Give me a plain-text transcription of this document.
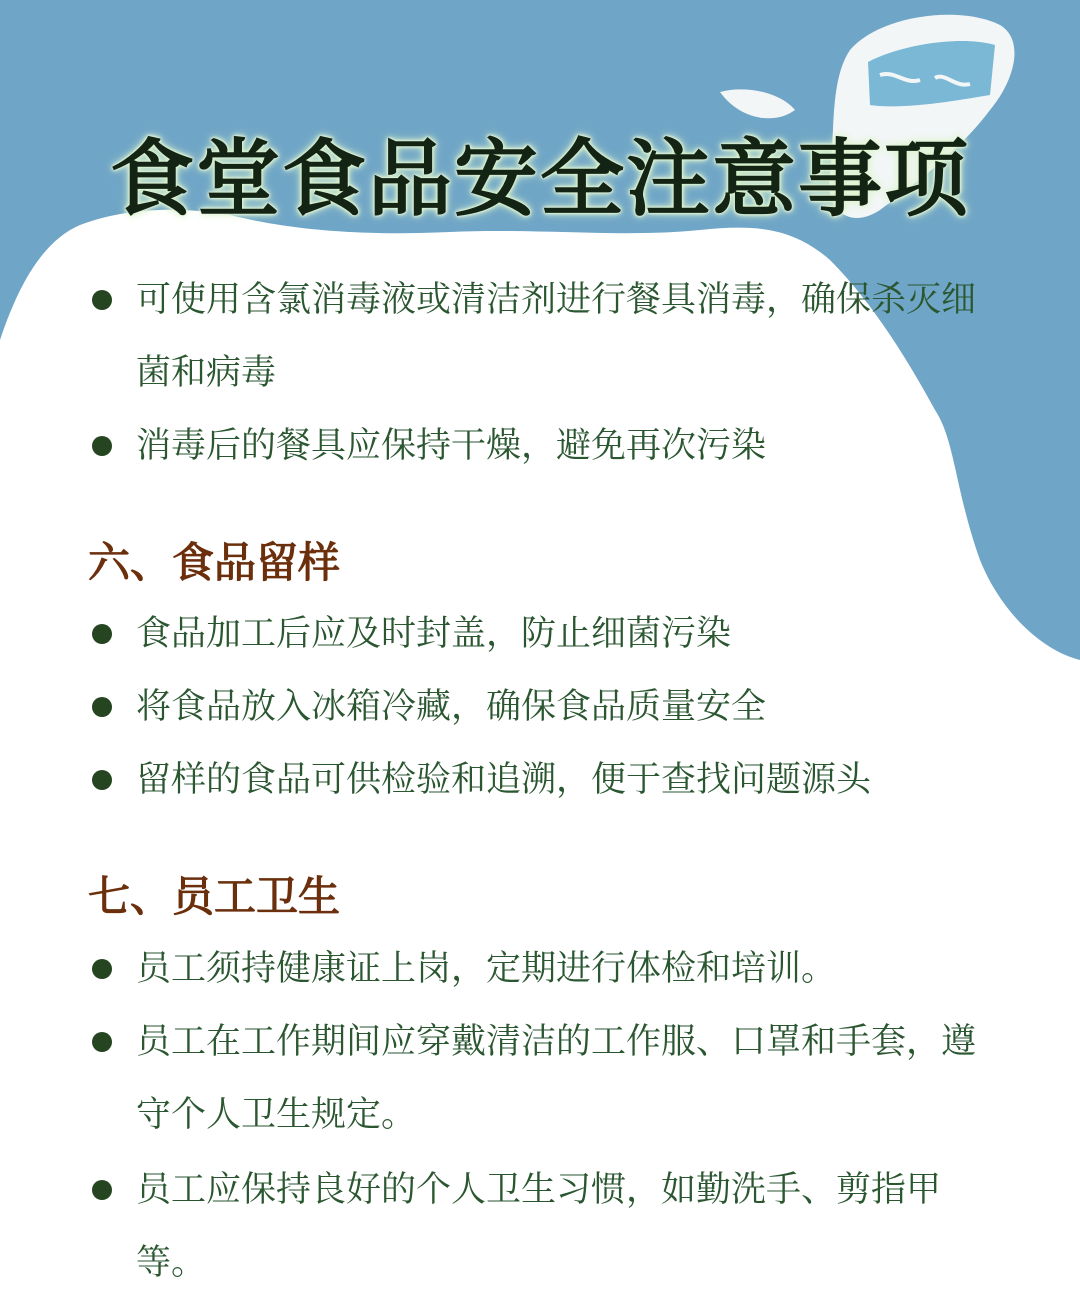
食堂食品安全注意事项
可使用含氯消毒液或清洁剂进行餐具消毒，确保杀灭细菌和病毒
消毒后的餐具应保持干燥，避免再次污染
六、食品留样
食品加工后应及时封盖，防止细菌污染
将食品放入冰箱冷藏，确保食品质量安全
留样的食品可供检验和追溯，便于查找问题源头
七、员工卫生
员工须持健康证上岗，定期进行体检和培训。
员工在工作期间应穿戴清洁的工作服、口罩和手套，遵守个人卫生规定。
员工应保持良好的个人卫生习惯，如勤洗手、剪指甲等。
